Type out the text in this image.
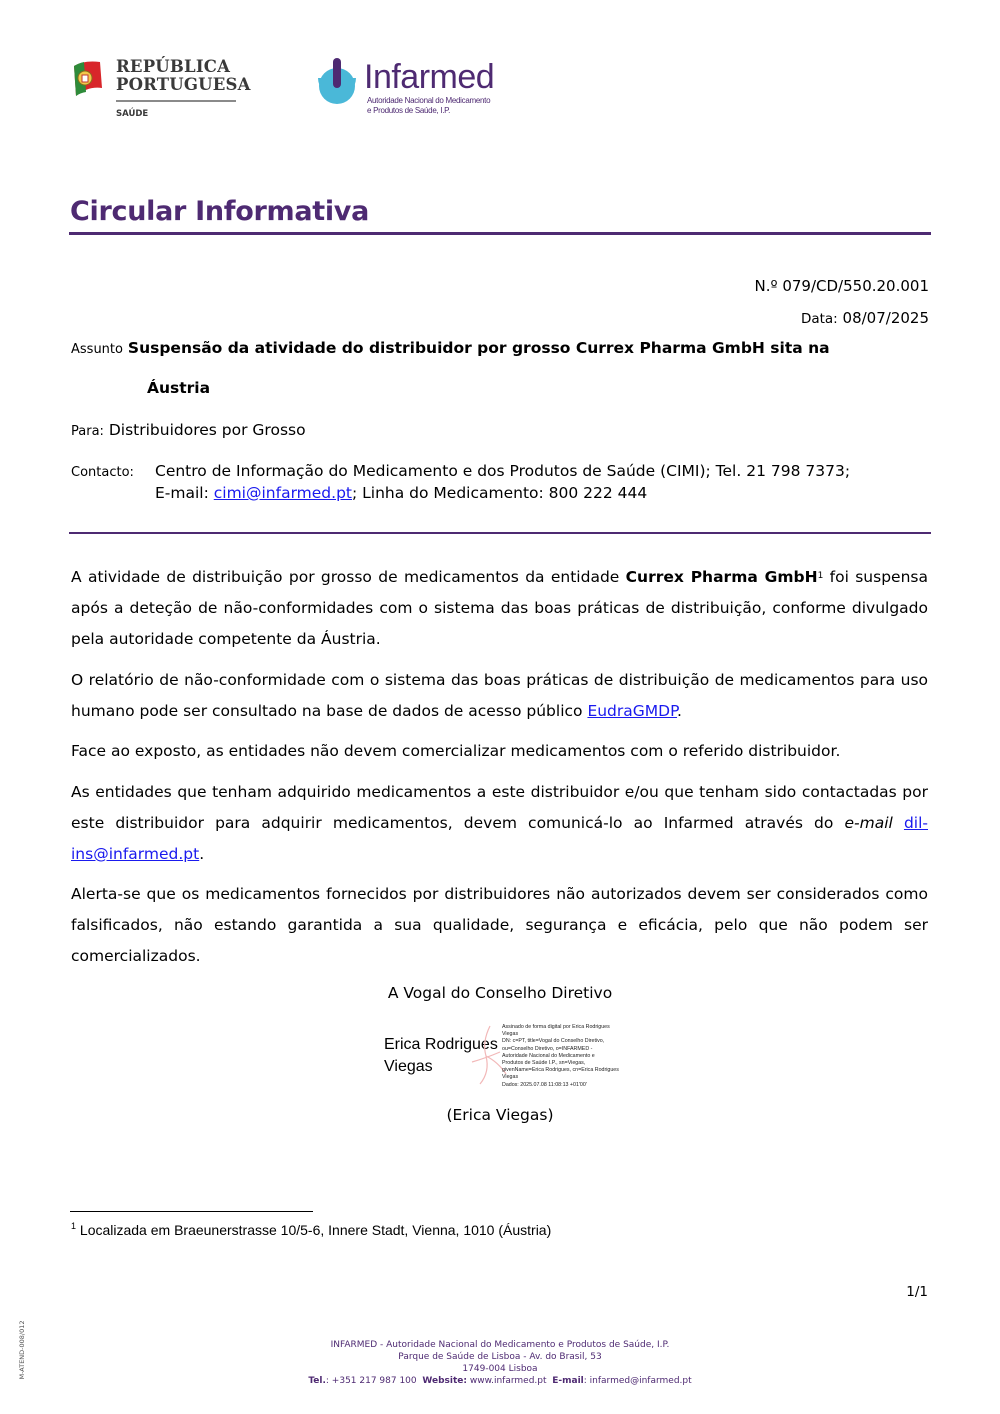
REPÚBLICA
PORTUGUESA
SAÚDE
Infarmed
Autoridade Nacional do Medicamento
e Produtos de Saúde, I.P.
Circular Informativa
N.º 079/CD/550.20.001
Data: 08/07/2025
Assunto Suspensão da atividade do distribuidor por grosso Currex Pharma GmbH sita na
Áustria
Para: Distribuidores por Grosso
Contacto: Centro de Informação do Medicamento e dos Produtos de Saúde (CIMI); Tel. 21 798 7373;
E-mail: cimi@infarmed.pt; Linha do Medicamento: 800 222 444

A atividade de distribuição por grosso de medicamentos da entidade Currex Pharma GmbH$^1$ foi suspensa após a deteção de não-conformidades com o sistema das boas práticas de distribuição, conforme divulgado pela autoridade competente da Áustria.

O relatório de não-conformidade com o sistema das boas práticas de distribuição de medicamentos para uso humano pode ser consultado na base de dados de acesso público EudraGMDP.

Face ao exposto, as entidades não devem comercializar medicamentos com o referido distribuidor.

As entidades que tenham adquirido medicamentos a este distribuidor e/ou que tenham sido contactadas por este distribuidor para adquirir medicamentos, devem comunicá-lo ao Infarmed através do e-mail dil-ins@infarmed.pt.

Alerta-se que os medicamentos fornecidos por distribuidores não autorizados devem ser considerados como falsificados, não estando garantida a sua qualidade, segurança e eficácia, pelo que não podem ser comercializados.

A Vogal do Conselho Diretivo
Erica Rodrigues
Viegas
Assinado de forma digital por Erica Rodrigues
Viegas
DN: c=PT, title=Vogal do Conselho Diretivo,
ou=Conselho Diretivo, o=INFARMED -
Autoridade Nacional do Medicamento e
Produtos de Saúde I.P., sn=Viegas,
givenName=Erica Rodrigues, cn=Erica Rodrigues
Viegas
Dados: 2025.07.08 11:08:13 +01'00'
(Erica Viegas)
$^1$ Localizada em Braeunerstrasse 10/5-6, Innere Stadt, Vienna, 1010 (Áustria)
1/1
INFARMED - Autoridade Nacional do Medicamento e Produtos de Saúde, I.P.
Parque de Saúde de Lisboa - Av. do Brasil, 53
1749-004 Lisboa
Tel.: +351 217 987 100 Website: www.infarmed.pt E-mail: infarmed@infarmed.pt
M-ATEND-008/012
